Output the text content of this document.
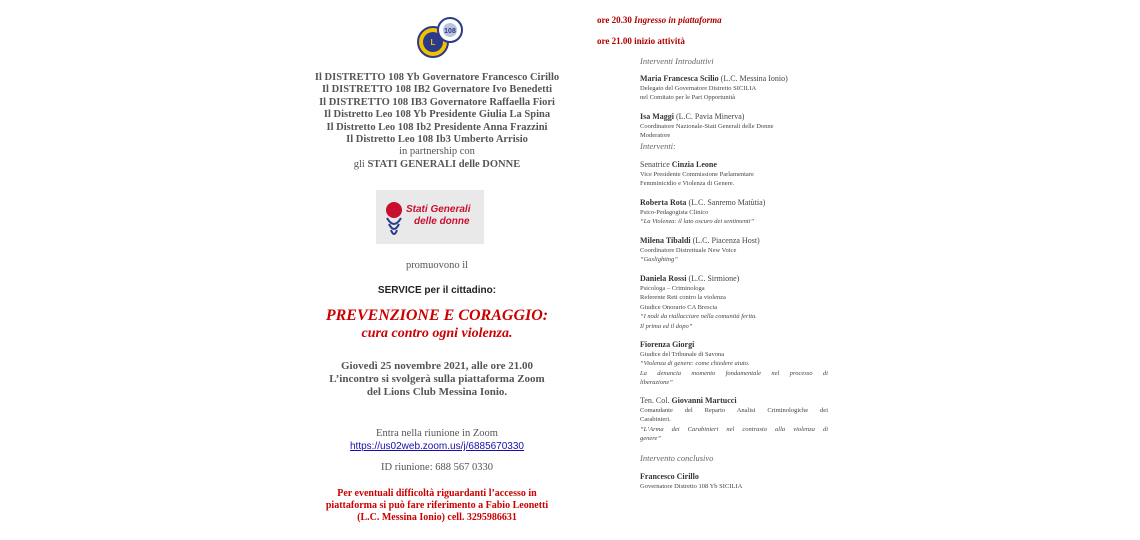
L
108
Il DISTRETTO 108 Yb Governatore Francesco Cirillo
Il DISTRETTO 108 IB2 Governatore Ivo Benedetti
Il DISTRETTO 108 IB3 Governatore Raffaella Fiori
Il Distretto Leo 108 Yb Presidente Giulia La Spina
Il Distretto Leo 108 Ib2 Presidente Anna Frazzini
Il Distretto Leo 108 Ib3 Umberto Arrisio
in partnership con
gli STATI GENERALI delle DONNE
Stati Generali
delle donne
promuovono il
SERVICE per il cittadino:
PREVENZIONE E CORAGGIO:
cura contro ogni violenza.
Giovedì 25 novembre 2021, alle ore 21.00
L’incontro si svolgerà sulla piattaforma Zoom
del Lions Club Messina Ionio.
Entra nella riunione in Zoom
https://us02web.zoom.us/j/6885670330
ID riunione: 688 567 0330
Per eventuali difficoltà riguardanti l’accesso in
piattaforma si può fare riferimento a Fabio Leonetti
(L.C. Messina Ionio) cell. 3295986631
ore 20.30 Ingresso in piattaforma
ore 21.00 inizio attività
Interventi Introduttivi
Maria Francesca Scilio (L.C. Messina Ionio)
Delegato del Governatore Distretto SICILIA
nel Comitato per le Pari Opportunità
Isa Maggi (L.C. Pavia Minerva)
Coordinatore Nazionale-Stati Generali delle Donne
Moderatore
Interventi:
Senatrice Cinzia Leone
Vice Presidente Commissione Parlamentare
Femminicidio e Violenza di Genere.
Roberta Rota (L.C. Sanremo Matùtia)
Psico-Pedagogista Clinico
“La Violenza: il lato oscuro dei sentimenti”
Milena Tibaldi (L.C. Piacenza Host)
Coordinatore Distrettuale New Voice
“Gaslighting”
Daniela Rossi (L.C. Sirmione)
Psicologa – Criminologa
Referente Reti contro la violenza
Giudice Onorario CA Brescia
“I nodi da riallacciare nella comunità ferita.
Il prima ed il dopo”
Fiorenza Giorgi
Giudice del Tribunale di Savona
“Violenza di genere: come chiedere aiuto.
La denuncia momento fondamentale nel processo di
liberazione”
Ten. Col. Giovanni Martucci
Comandante del Reparto Analisi Criminologiche dei
Carabinieri.
“L’Arma dei Carabinieri nel contrasto alla violenza di
genere”
Intervento conclusivo
Francesco Cirillo
Governatore Distretto 108 Yb SICILIA
